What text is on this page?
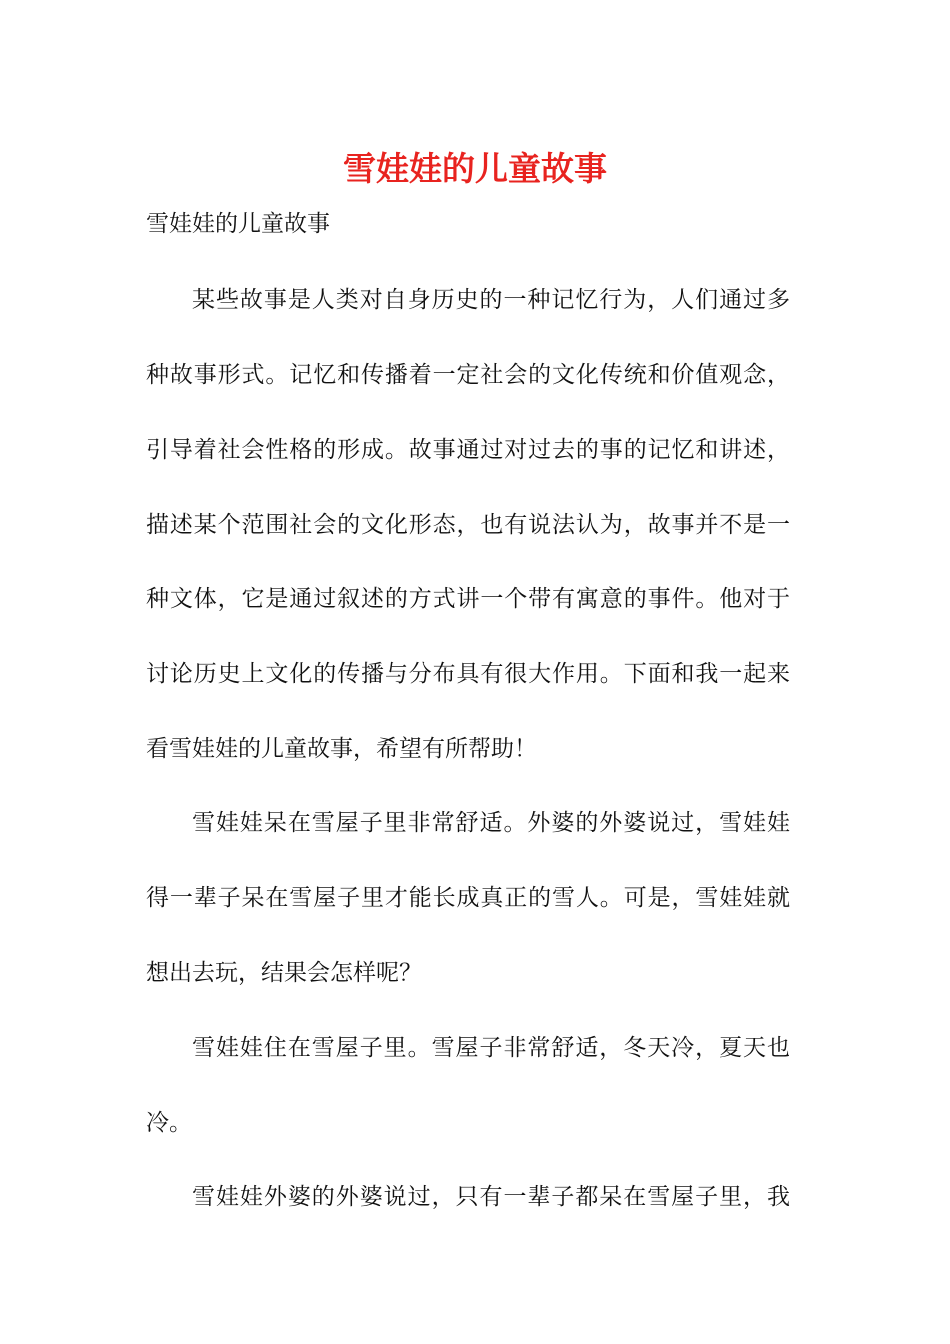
雪娃娃的儿童故事

雪娃娃的儿童故事

某些故事是人类对自身历史的一种记忆行为，人们通过多

种故事形式。记忆和传播着一定社会的文化传统和价值观念，

引导着社会性格的形成。故事通过对过去的事的记忆和讲述，

描述某个范围社会的文化形态，也有说法认为，故事并不是一

种文体，它是通过叙述的方式讲一个带有寓意的事件。他对于

讨论历史上文化的传播与分布具有很大作用。下面和我一起来

看雪娃娃的儿童故事，希望有所帮助！

雪娃娃呆在雪屋子里非常舒适。外婆的外婆说过，雪娃娃

得一辈子呆在雪屋子里才能长成真正的雪人。可是，雪娃娃就

想出去玩，结果会怎样呢？

雪娃娃住在雪屋子里。雪屋子非常舒适，冬天冷，夏天也

冷。

雪娃娃外婆的外婆说过，只有一辈子都呆在雪屋子里，我
